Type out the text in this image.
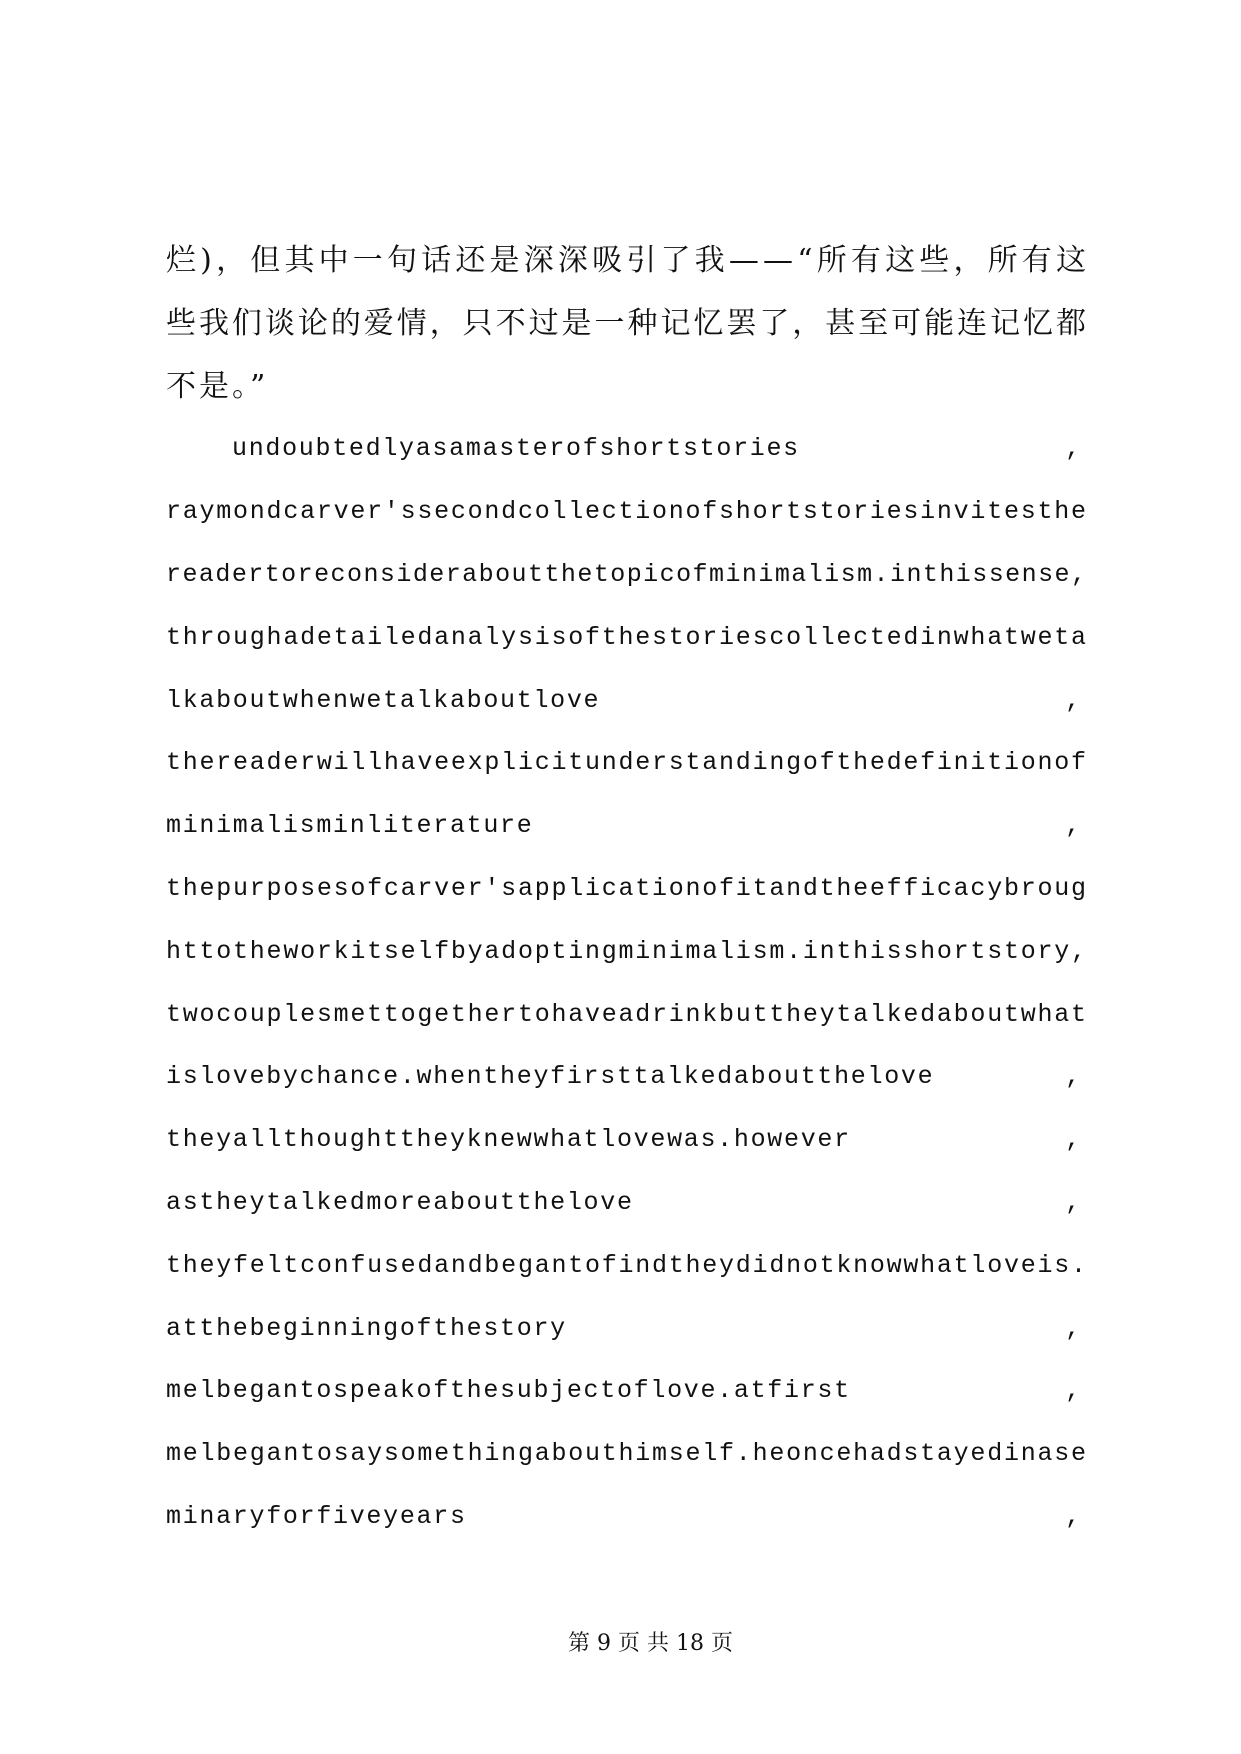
烂)，但其中一句话还是深深吸引了我——“所有这些，所有这
些我们谈论的爱情，只不过是一种记忆罢了，甚至可能连记忆都
不是。”
undoubtedlyasamasterofshortstories	,
raymondcarver'ssecondcollectionofshortstoriesinvitesthe
readertoreconsideraboutthetopicofminimalism.inthissense,
throughadetailedanalysisofthestoriescollectedinwhatweta
lkaboutwhenwetalkaboutlove	,
thereaderwillhaveexplicitunderstandingofthedefinitionof
minimalisminliterature	,
thepurposesofcarver'sapplicationofitandtheefficacybroug
httotheworkitselfbyadoptingminimalism.inthisshortstory,
twocouplesmettogethertohaveadrinkbuttheytalkedaboutwhat
islovebychance.whentheyfirsttalkedaboutthelove	,
theyallthoughttheyknewwhatlovewas.however	,
astheytalkedmoreaboutthelove	,
theyfeltconfusedandbegantofindtheydidnotknowwhatloveis.
atthebeginningofthestory	,
melbegantospeakofthesubjectoflove.atfirst	,
melbegantosaysomethingabouthimself.heoncehadstayedinase
minaryforfiveyears	,
第 9 页 共 18 页
